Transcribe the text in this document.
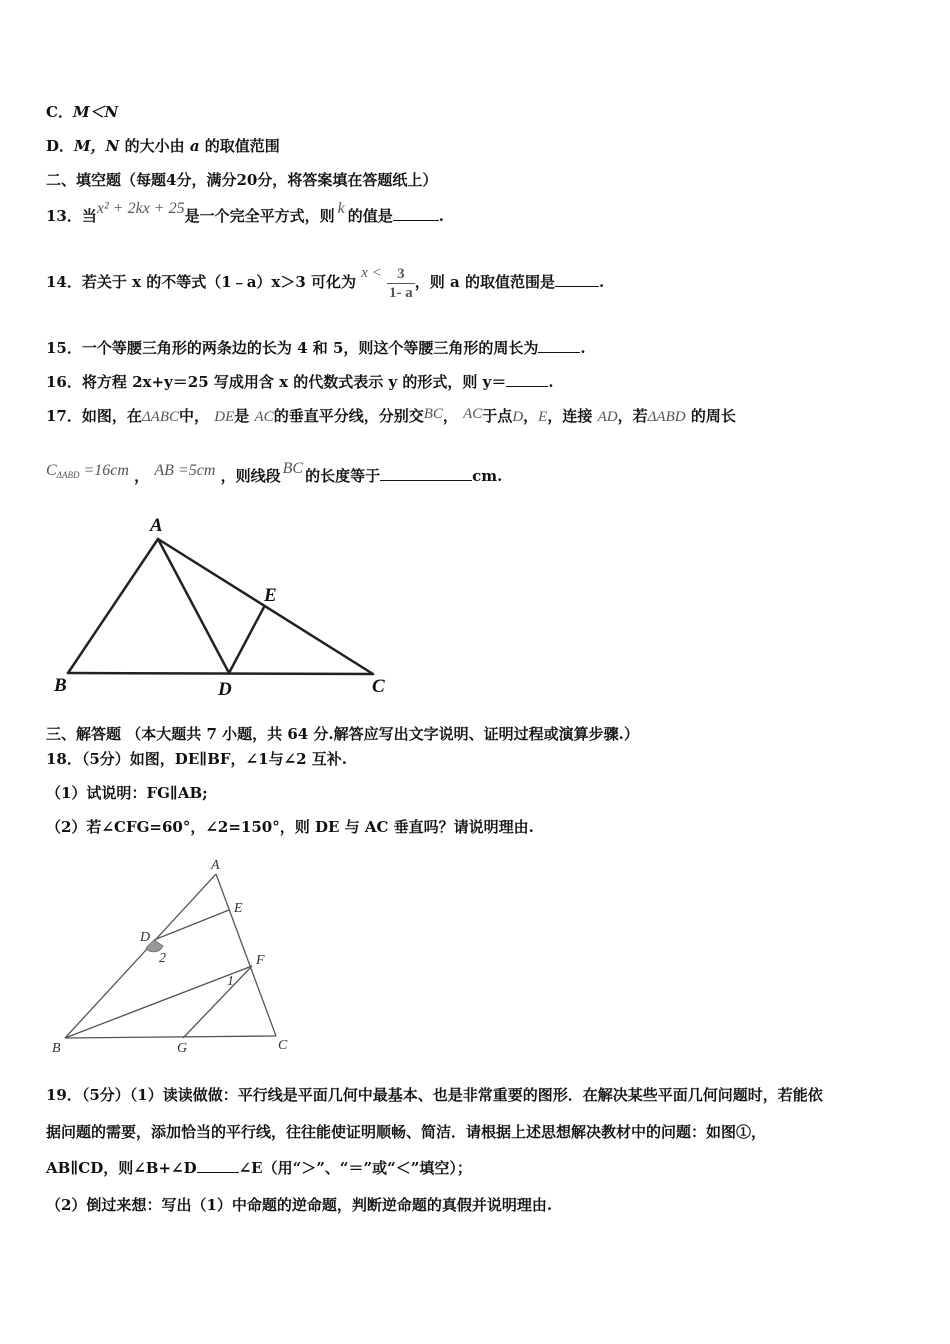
C．M＜N
D．M，N 的大小由 a 的取值范围
二、填空题（每题4分，满分20分，将答案填在答题纸上）
13．当x² + 2kx + 25是一个完全平方式，则 k 的值是	.
14．若关于 x 的不等式（1﹣a）x＞3 可化为 $x < \frac{3}{1- a}$ ，则 a 的取值范围是	.
15．一个等腰三角形的两条边的长为 4 和 5，则这个等腰三角形的周长为	.
16．将方程 2x+y＝25 写成用含 x 的代数式表示 y 的形式，则 y＝	.
17．如图，在ΔABC中， DE是 AC的垂直平分线，分别交BC， AC于点D，E，连接 AD，若ΔABD 的周长
$C^{\Delta ABD} =16cm$ ， AB =5cm ，则线段 BC 的长度等于	cm.
A
B	C
D
E
三、解答题 （本大题共 7 小题，共 64 分.解答应写出文字说明、证明过程或演算步骤.）
18．（5分）如图，DE∥BF，∠1与∠2 互补.
（1）试说明：FG∥AB;
（2）若∠CFG=60°，∠2=150°，则 DE 与 AC 垂直吗？请说明理由.
A
E
D
2	F
1
B	G	C
19．（5分）（1）读读做做：平行线是平面几何中最基本、也是非常重要的图形．在解决某些平面几何问题时，若能依
据问题的需要，添加恰当的平行线，往往能使证明顺畅、简洁．请根据上述思想解决教材中的问题：如图①，
AB∥CD，则∠B+∠D	∠E（用“＞”、“＝”或“＜”填空）；
（2）倒过来想：写出（1）中命题的逆命题，判断逆命题的真假并说明理由.
